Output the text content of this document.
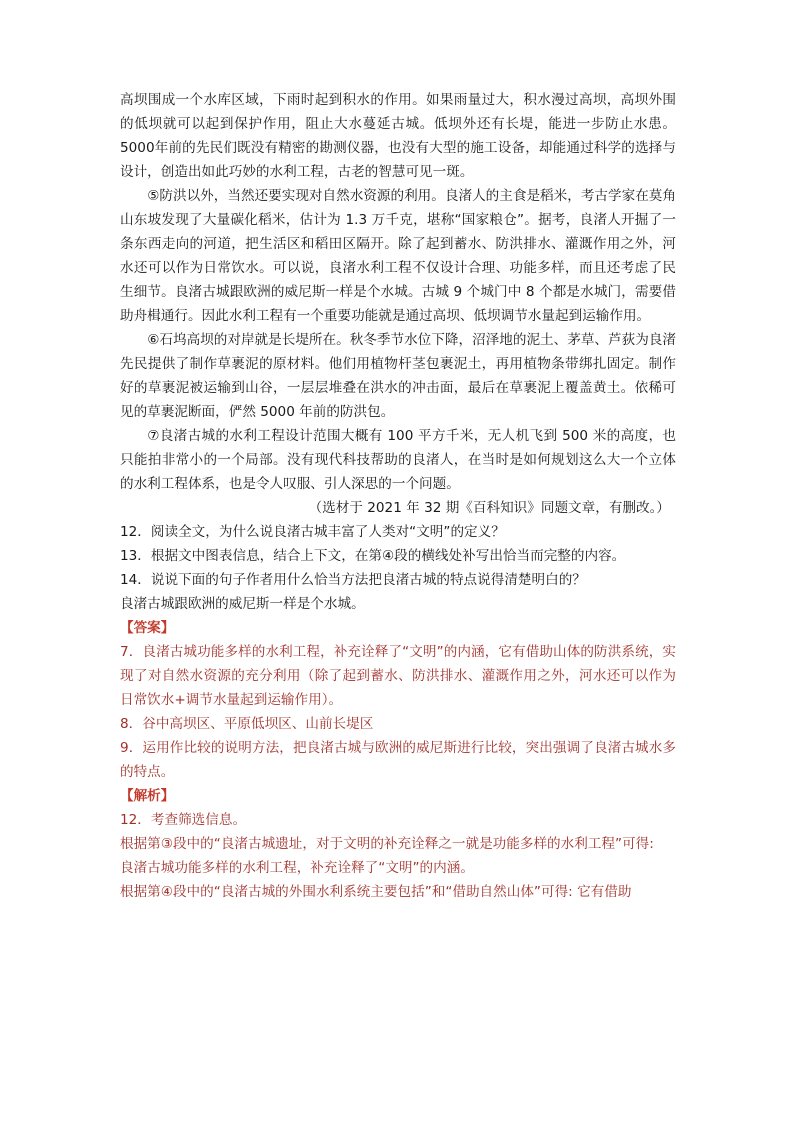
高坝围成一个水库区域，下雨时起到积水的作用。如果雨量过大，积水漫过高坝，高坝外围的低坝就可以起到保护作用，阻止大水蔓延古城。低坝外还有长堤，能进一步防止水患。5000年前的先民们既没有精密的勘测仪器，也没有大型的施工设备，却能通过科学的选择与设计，创造出如此巧妙的水利工程，古老的智慧可见一斑。

⑤防洪以外，当然还要实现对自然水资源的利用。良渚人的主食是稻米，考古学家在莫角山东坡发现了大量碳化稻米，估计为 1.3 万千克，堪称“国家粮仓”。据考，良渚人开掘了一条东西走向的河道，把生活区和稻田区隔开。除了起到蓄水、防洪排水、灌溉作用之外，河水还可以作为日常饮水。可以说，良渚水利工程不仅设计合理、功能多样，而且还考虑了民生细节。良渚古城跟欧洲的威尼斯一样是个水城。古城 9 个城门中 8 个都是水城门，需要借助舟楫通行。因此水利工程有一个重要功能就是通过高坝、低坝调节水量起到运输作用。

⑥石坞高坝的对岸就是长堤所在。秋冬季节水位下降，沼泽地的泥土、茅草、芦荻为良渚先民提供了制作草裹泥的原材料。他们用植物杆茎包裹泥土，再用植物条带绑扎固定。制作好的草裹泥被运输到山谷，一层层堆叠在洪水的冲击面，最后在草裹泥上覆盖黄土。依稀可见的草裹泥断面，俨然 5000 年前的防洪包。

⑦良渚古城的水利工程设计范围大概有 100 平方千米，无人机飞到 500 米的高度，也只能拍非常小的一个局部。没有现代科技帮助的良渚人，在当时是如何规划这么大一个立体的水利工程体系，也是令人叹服、引人深思的一个问题。

（选材于 2021 年 32 期《百科知识》同题文章，有删改。）

12．阅读全文，为什么说良渚古城丰富了人类对“文明”的定义？

13．根据文中图表信息，结合上下文，在第④段的横线处补写出恰当而完整的内容。

14．说说下面的句子作者用什么恰当方法把良渚古城的特点说得清楚明白的？

良渚古城跟欧洲的威尼斯一样是个水城。

【答案】

7．良渚古城功能多样的水利工程，补充诠释了“文明”的内涵，它有借助山体的防洪系统，实现了对自然水资源的充分利用（除了起到蓄水、防洪排水、灌溉作用之外，河水还可以作为日常饮水+调节水量起到运输作用）。

8．谷中高坝区、平原低坝区、山前长堤区

9．运用作比较的说明方法，把良渚古城与欧洲的威尼斯进行比较，突出强调了良渚古城水多的特点。

【解析】

12．考查筛选信息。

根据第③段中的“良渚古城遗址，对于文明的补充诠释之一就是功能多样的水利工程”可得:

良渚古城功能多样的水利工程，补充诠释了“文明”的内涵。

根据第④段中的“良渚古城的外围水利系统主要包括”和“借助自然山体”可得: 它有借助
